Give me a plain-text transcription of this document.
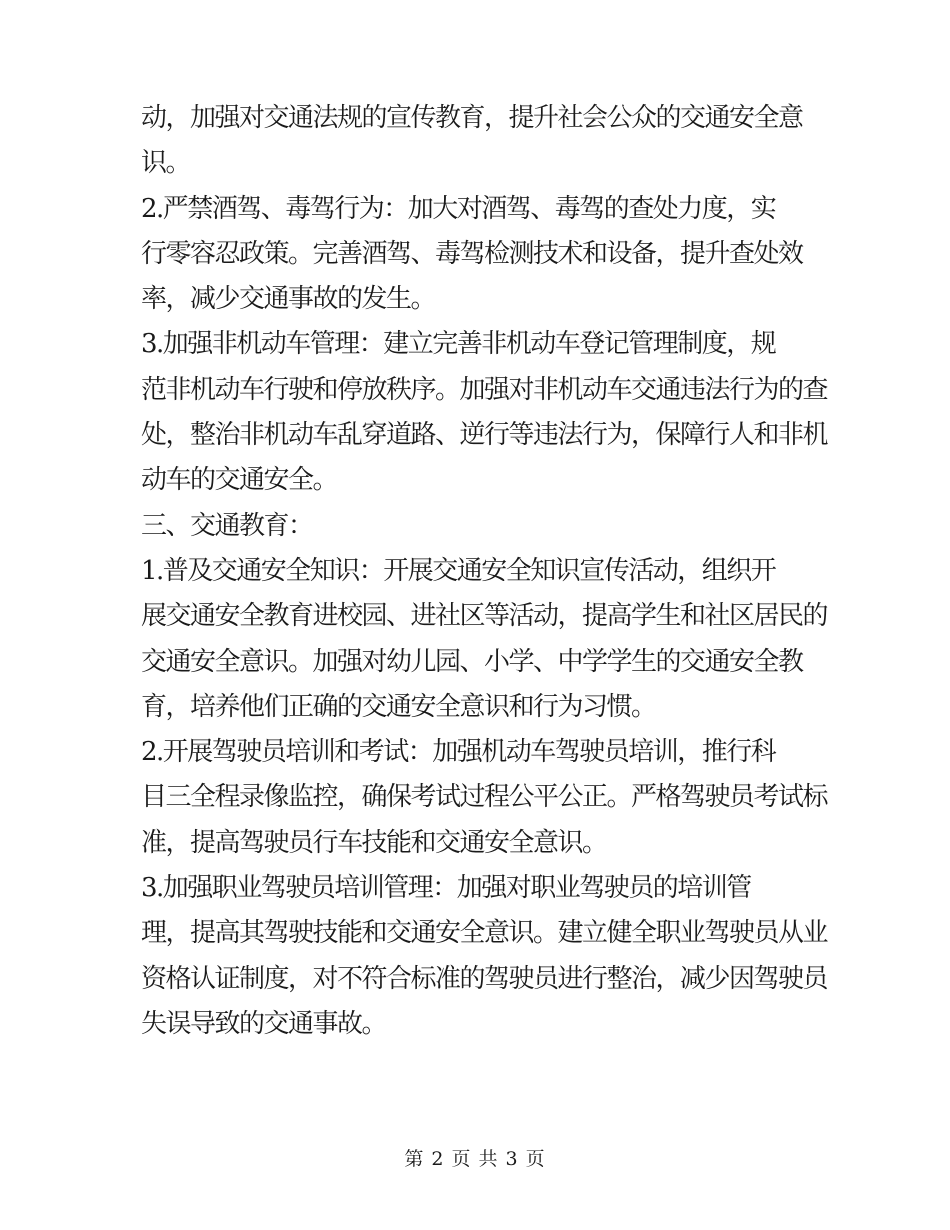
动，加强对交通法规的宣传教育，提升社会公众的交通安全意
识。
2.严禁酒驾、毒驾行为：加大对酒驾、毒驾的查处力度，实
行零容忍政策。完善酒驾、毒驾检测技术和设备，提升查处效
率，减少交通事故的发生。
3.加强非机动车管理：建立完善非机动车登记管理制度，规
范非机动车行驶和停放秩序。加强对非机动车交通违法行为的查
处，整治非机动车乱穿道路、逆行等违法行为，保障行人和非机
动车的交通安全。
三、交通教育：
1.普及交通安全知识：开展交通安全知识宣传活动，组织开
展交通安全教育进校园、进社区等活动，提高学生和社区居民的
交通安全意识。加强对幼儿园、小学、中学学生的交通安全教
育，培养他们正确的交通安全意识和行为习惯。
2.开展驾驶员培训和考试：加强机动车驾驶员培训，推行科
目三全程录像监控，确保考试过程公平公正。严格驾驶员考试标
准，提高驾驶员行车技能和交通安全意识。
3.加强职业驾驶员培训管理：加强对职业驾驶员的培训管
理，提高其驾驶技能和交通安全意识。建立健全职业驾驶员从业
资格认证制度，对不符合标准的驾驶员进行整治，减少因驾驶员
失误导致的交通事故。
第 2 页 共 3 页
